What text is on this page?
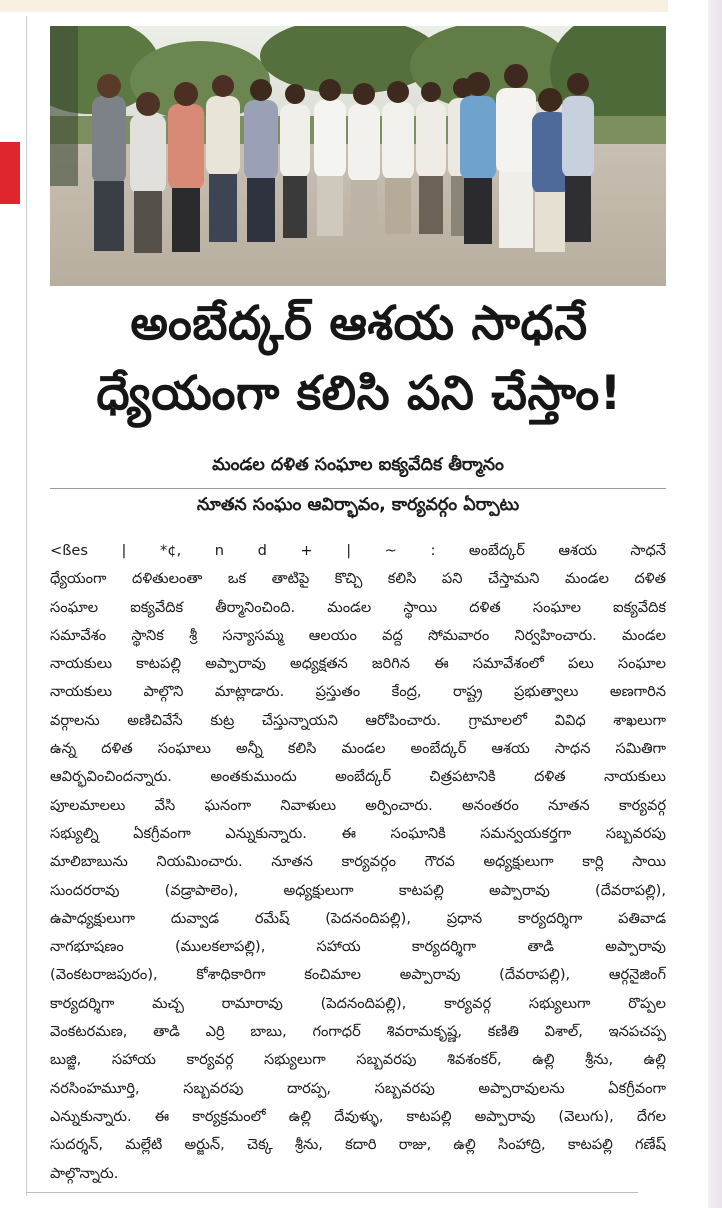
అంబేద్కర్ ఆశయ సాధనే
ధ్యేయంగా కలిసి పని చేస్తాం!
మండల దళిత సంఘాల ఐక్యవేదిక తీర్మానం
నూతన సంఘం ఆవిర్భావం, కార్యవర్గం ఏర్పాటు
<ßes | *¢, n d + | ~ : అంబేద్కర్ ఆశయ సాధనే
ధ్యేయంగా దళితులంతా ఒక తాటిపై కొచ్చి కలిసి పని చేస్తామని మండల దళిత
సంఘాల ఐక్యవేదిక తీర్మానించింది. మండల స్థాయి దళిత సంఘాల ఐక్యవేదిక
సమావేశం స్థానిక శ్రీ సన్యాసమ్మ ఆలయం వద్ద సోమవారం నిర్వహించారు. మండల
నాయకులు కాటపల్లి అప్పారావు అధ్యక్షతన జరిగిన ఈ సమావేశంలో పలు సంఘాల
నాయకులు పాల్గొని మాట్లాడారు. ప్రస్తుతం కేంద్ర, రాష్ట్ర ప్రభుత్వాలు అణగారిన
వర్గాలను అణిచివేసే కుట్ర చేస్తున్నాయని ఆరోపించారు. గ్రామాలలో వివిధ శాఖలుగా
ఉన్న దళిత సంఘాలు అన్నీ కలిసి మండల అంబేద్కర్ ఆశయ సాధన సమితిగా
ఆవిర్భవించిందన్నారు. అంతకుముందు అంబేద్కర్ చిత్రపటానికి దళిత నాయకులు
పూలమాలలు వేసి ఘనంగా నివాళులు అర్పించారు. అనంతరం నూతన కార్యవర్గ
సభ్యుల్ని ఏకగ్రీవంగా ఎన్నుకున్నారు. ఈ సంఘానికి సమన్వయకర్తగా సబ్బవరపు
మాలిబాబును నియమించారు. నూతన కార్యవర్గం గౌరవ అధ్యక్షులుగా కార్లి సాయి
సుందరరావు (వడ్రాపాలెం), అధ్యక్షులుగా కాటపల్లి అప్పారావు (దేవరాపల్లి),
ఉపాధ్యక్షులుగా దువ్వాడ రమేష్ (పెదనందిపల్లి), ప్రధాన కార్యదర్శిగా పతివాడ
నాగభూషణం (ములకలాపల్లి), సహాయ కార్యదర్శిగా తాడి అప్పారావు
(వెంకటరాజపురం), కోశాధికారిగా కంచిమాల అప్పారావు (దేవరాపల్లి), ఆర్గనైజింగ్
కార్యదర్శిగా మచ్చ రామారావు (పెదనందిపల్లి), కార్యవర్గ సభ్యులుగా రొప్పల
వెంకటరమణ, తాడి ఎర్రి బాబు, గంగాధర్ శివరామకృష్ణ, కణితి విశాల్, ఇనపచప్ప
బుజ్జి, సహాయ కార్యవర్గ సభ్యులుగా సబ్బవరపు శివశంకర్, ఉల్లి శ్రీను, ఉల్లి
నరసింహమూర్తి, సబ్బవరపు దారప్ప, సబ్బవరపు అప్పారావులను ఏకగ్రీవంగా
ఎన్నుకున్నారు. ఈ కార్యక్రమంలో ఉల్లి దేవుళ్ళు, కాటపల్లి అప్పారావు (వెలుగు), దేగల
సుదర్శన్, మల్లేటి అర్జున్, చెక్క శ్రీను, కదారి రాజు, ఉల్లి సింహాద్రి, కాటపల్లి గణేష్
పాల్గొన్నారు.
